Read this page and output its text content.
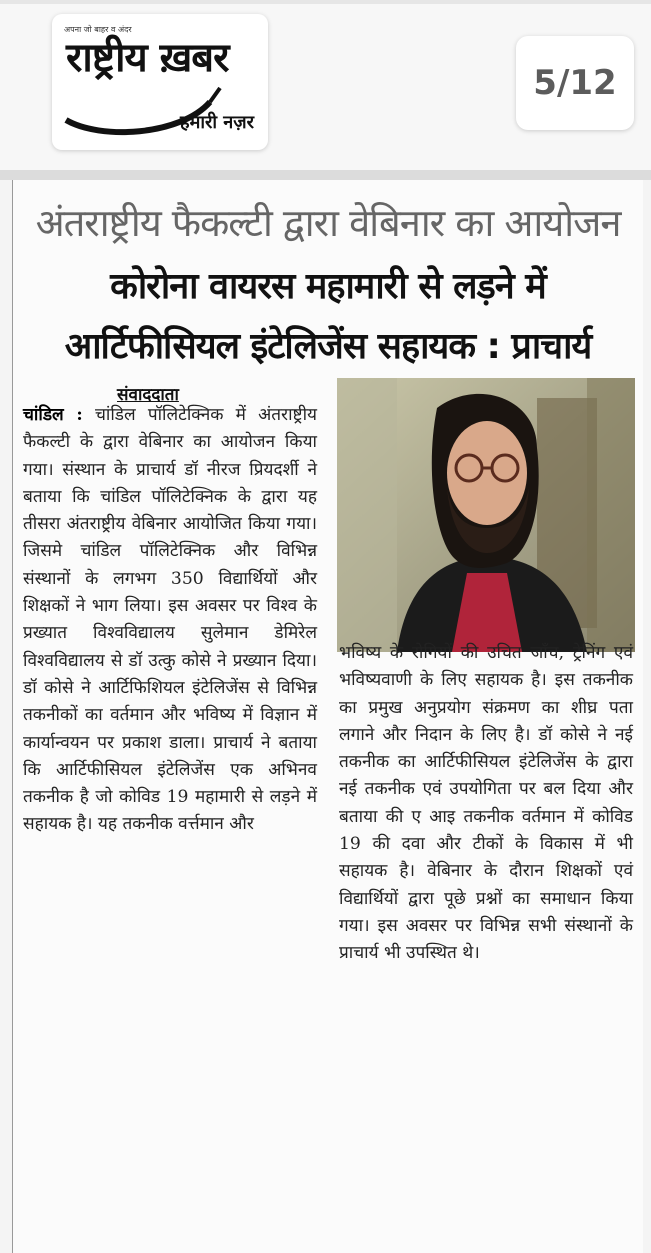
अपना जो बाहर व अंदर
राष्ट्रीय ख़बर
हमारी नज़र
5/12
अंतराष्ट्रीय फैकल्टी द्वारा वेबिनार का आयोजन
कोरोना वायरस महामारी से लड़ने में
आर्टिफीसियल इंटेलिजेंस सहायक : प्राचार्य
संवाददाता
चांडिल : चांडिल पॉलिटेक्निक में अंतराष्ट्रीय फैकल्टी के द्वारा वेबिनार का आयोजन किया गया। संस्थान के प्राचार्य डॉ नीरज प्रियदर्शी ने बताया कि चांडिल पॉलिटेक्निक के द्वारा यह तीसरा अंतराष्ट्रीय वेबिनार आयोजित किया गया। जिसमे चांडिल पॉलिटेक्निक और विभिन्न संस्थानों के लगभग 350 विद्यार्थियों और शिक्षकों ने भाग लिया। इस अवसर पर विश्व के प्रख्यात विश्वविद्यालय सुलेमान डेमिरेल विश्वविद्यालय से डॉ उत्कु कोसे ने प्रख्यान दिया। डॉ कोसे ने आर्टिफिशियल इंटेलिजेंस से विभिन्न तकनीकों का वर्तमान और भविष्य में विज्ञान में कार्यान्वयन पर प्रकाश डाला। प्राचार्य ने बताया कि आर्टिफीसियल इंटेलिजेंस एक अभिनव तकनीक है जो कोविड 19 महामारी से लड़ने में सहायक है। यह तकनीक वर्त्तमान और
भविष्य के रोगियों की उचित जाँच, ट्रेनिंग एवं भविष्यवाणी के लिए सहायक है। इस तकनीक का प्रमुख अनुप्रयोग संक्रमण का शीघ्र पता लगाने और निदान के लिए है। डॉ कोसे ने नई तकनीक का आर्टिफीसियल इंटेलिजेंस के द्वारा नई तकनीक एवं उपयोगिता पर बल दिया और बताया की ए आइ तकनीक वर्तमान में कोविड 19 की दवा और टीकों के विकास में भी सहायक है। वेबिनार के दौरान शिक्षकों एवं विद्यार्थियों द्वारा पूछे प्रश्नों का समाधान किया गया। इस अवसर पर विभिन्न सभी संस्थानों के प्राचार्य भी उपस्थित थे।
